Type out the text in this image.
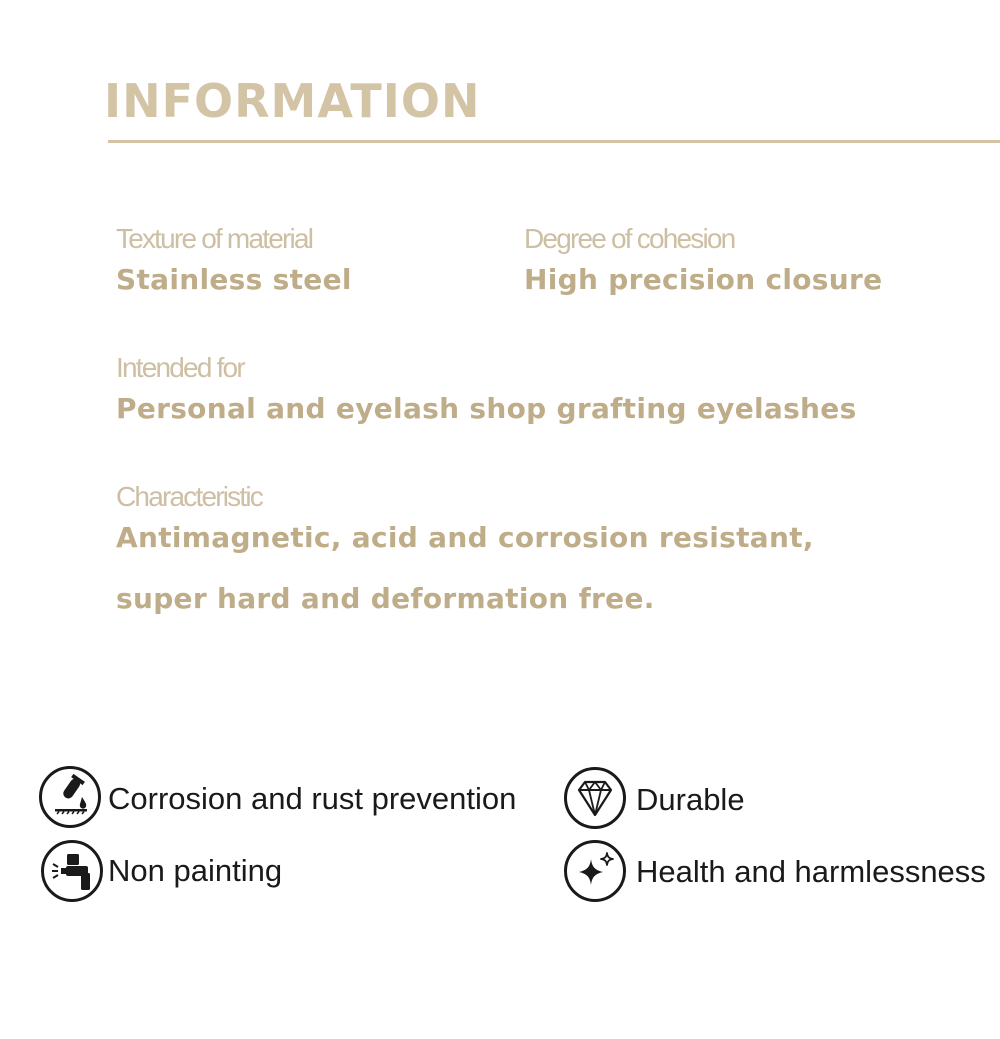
INFORMATION
Texture of material
Stainless steel
Degree of cohesion
High precision closure
Intended for
Personal and eyelash shop grafting eyelashes
Characteristic
Antimagnetic, acid and corrosion resistant,
super hard and deformation free.
Corrosion and rust prevention	Durable
Non painting	Health and harmlessness
